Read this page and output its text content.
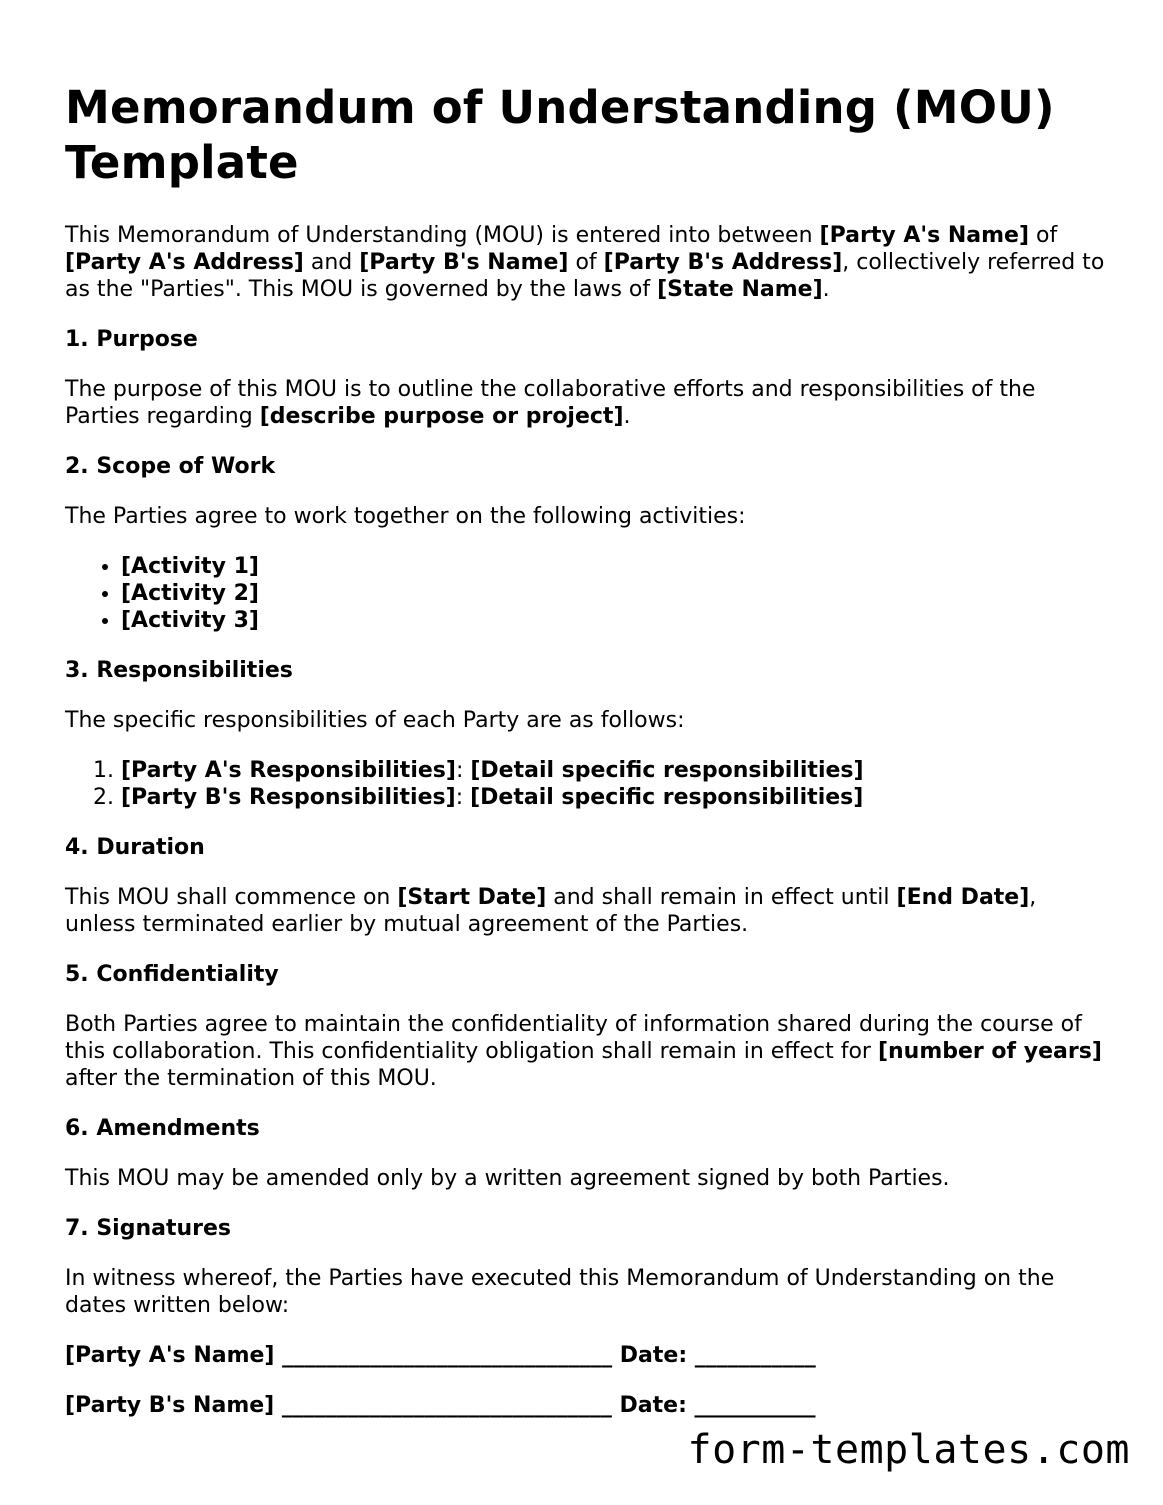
Memorandum of Understanding (MOU) Template

This Memorandum of Understanding (MOU) is entered into between [Party A's Name] of [Party A's Address] and [Party B's Name] of [Party B's Address], collectively referred to as the "Parties". This MOU is governed by the laws of [State Name].

1. Purpose

The purpose of this MOU is to outline the collaborative efforts and responsibilities of the Parties regarding [describe purpose or project].

2. Scope of Work

The Parties agree to work together on the following activities:

• [Activity 1]
• [Activity 2]
• [Activity 3]
3. Responsibilities

The specific responsibilities of each Party are as follows:

1. [Party A's Responsibilities]: [Detail specific responsibilities]
2. [Party B's Responsibilities]: [Detail specific responsibilities]
4. Duration

This MOU shall commence on [Start Date] and shall remain in effect until [End Date], unless terminated earlier by mutual agreement of the Parties.

5. Confidentiality

Both Parties agree to maintain the confidentiality of information shared during the course of this collaboration. This confidentiality obligation shall remain in effect for [number of years] after the termination of this MOU.

6. Amendments

This MOU may be amended only by a written agreement signed by both Parties.

7. Signatures

In witness whereof, the Parties have executed this Memorandum of Understanding on the dates written below:

[Party A's Name] ______________________________ Date: ___________
[Party B's Name] ______________________________ Date: ___________
form-templates.com
